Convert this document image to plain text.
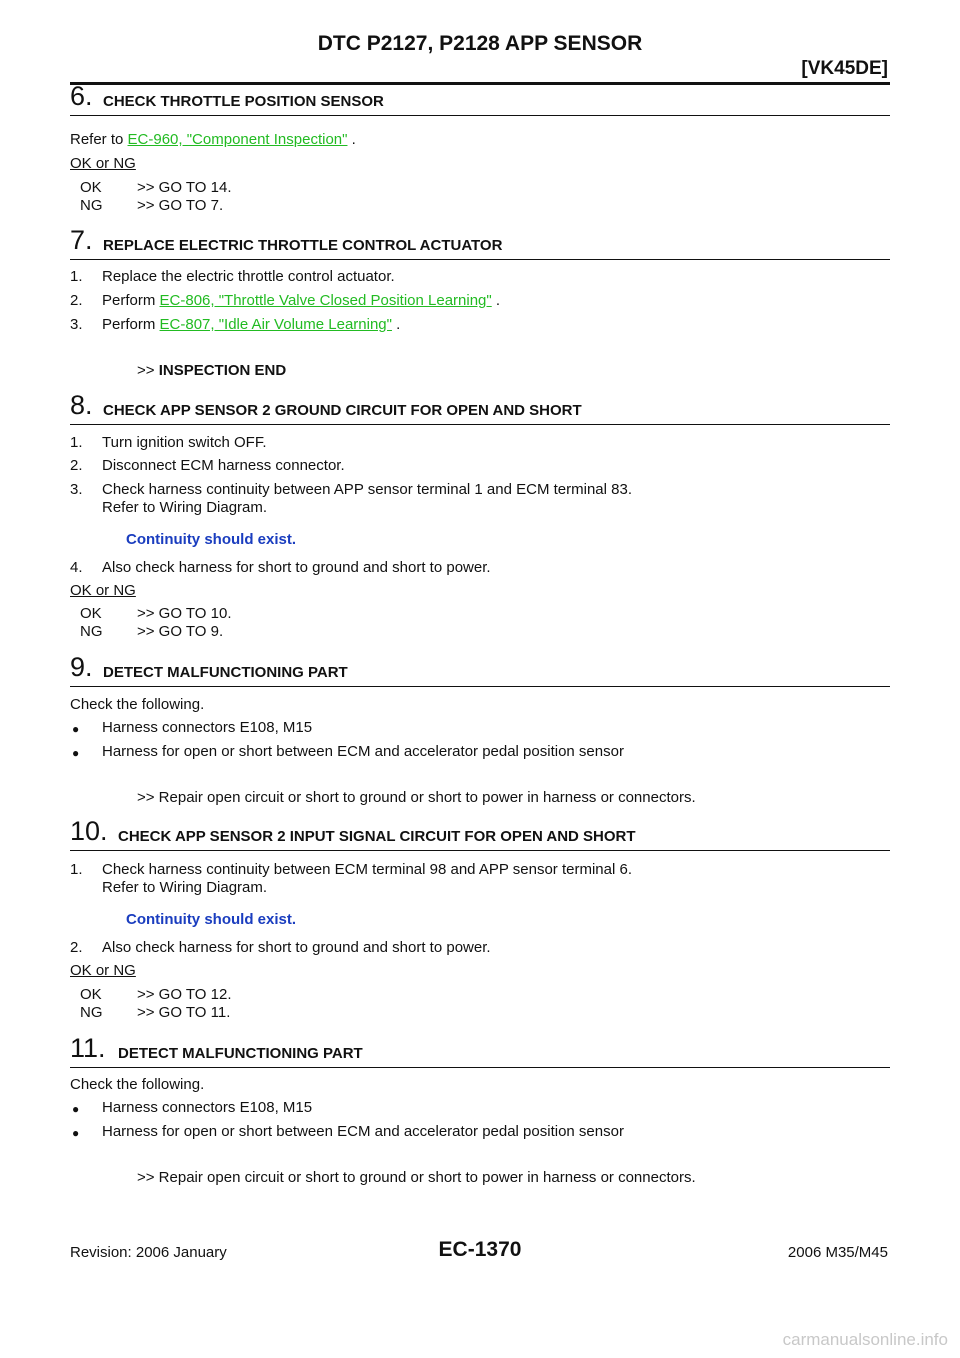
DTC P2127, P2128 APP SENSOR
[VK45DE]
6. CHECK THROTTLE POSITION SENSOR
Refer to EC-960, "Component Inspection" .
OK or NG
OK >> GO TO 14.
NG >> GO TO 7.
7. REPLACE ELECTRIC THROTTLE CONTROL ACTUATOR
1. Replace the electric throttle control actuator.
2. Perform EC-806, "Throttle Valve Closed Position Learning" .
3. Perform EC-807, "Idle Air Volume Learning" .
>> INSPECTION END
8. CHECK APP SENSOR 2 GROUND CIRCUIT FOR OPEN AND SHORT
1. Turn ignition switch OFF.
2. Disconnect ECM harness connector.
3. Check harness continuity between APP sensor terminal 1 and ECM terminal 83.
Refer to Wiring Diagram.
Continuity should exist.
4. Also check harness for short to ground and short to power.
OK or NG
OK >> GO TO 10.
NG >> GO TO 9.
9. DETECT MALFUNCTIONING PART
Check the following.
● Harness connectors E108, M15
● Harness for open or short between ECM and accelerator pedal position sensor
>> Repair open circuit or short to ground or short to power in harness or connectors.
10. CHECK APP SENSOR 2 INPUT SIGNAL CIRCUIT FOR OPEN AND SHORT
1. Check harness continuity between ECM terminal 98 and APP sensor terminal 6.
Refer to Wiring Diagram.
Continuity should exist.
2. Also check harness for short to ground and short to power.
OK or NG
OK >> GO TO 12.
NG >> GO TO 11.
11. DETECT MALFUNCTIONING PART
Check the following.
● Harness connectors E108, M15
● Harness for open or short between ECM and accelerator pedal position sensor
>> Repair open circuit or short to ground or short to power in harness or connectors.
Revision: 2006 January	EC-1370	2006 M35/M45
carmanualsonline.info
